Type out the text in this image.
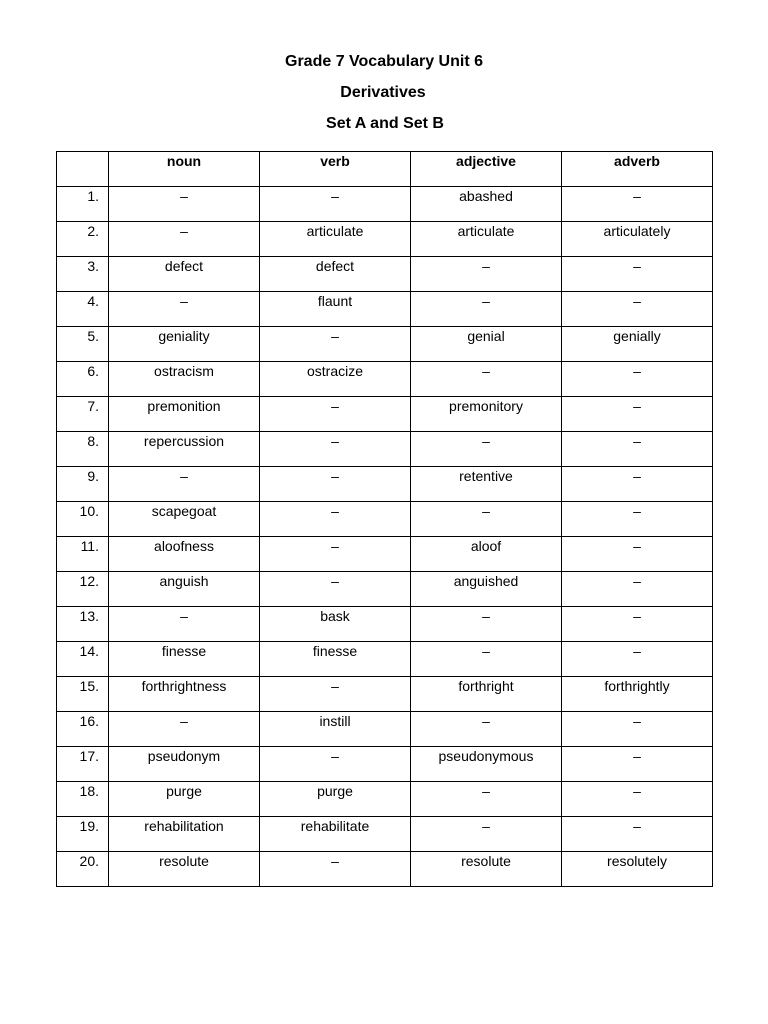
Grade 7 Vocabulary Unit 6
Derivatives
Set A and Set B
	noun	verb	adjective	adverb
1.	–	–	abashed	–
2.	–	articulate	articulate	articulately
3.	defect	defect	–	–
4.	–	flaunt	–	–
5.	geniality	–	genial	genially
6.	ostracism	ostracize	–	–
7.	premonition	–	premonitory	–
8.	repercussion	–	–	–
9.	–	–	retentive	–
10.	scapegoat	–	–	–
11.	aloofness	–	aloof	–
12.	anguish	–	anguished	–
13.	–	bask	–	–
14.	finesse	finesse	–	–
15.	forthrightness	–	forthright	forthrightly
16.	–	instill	–	–
17.	pseudonym	–	pseudonymous	–
18.	purge	purge	–	–
19.	rehabilitation	rehabilitate	–	–
20.	resolute	–	resolute	resolutely
